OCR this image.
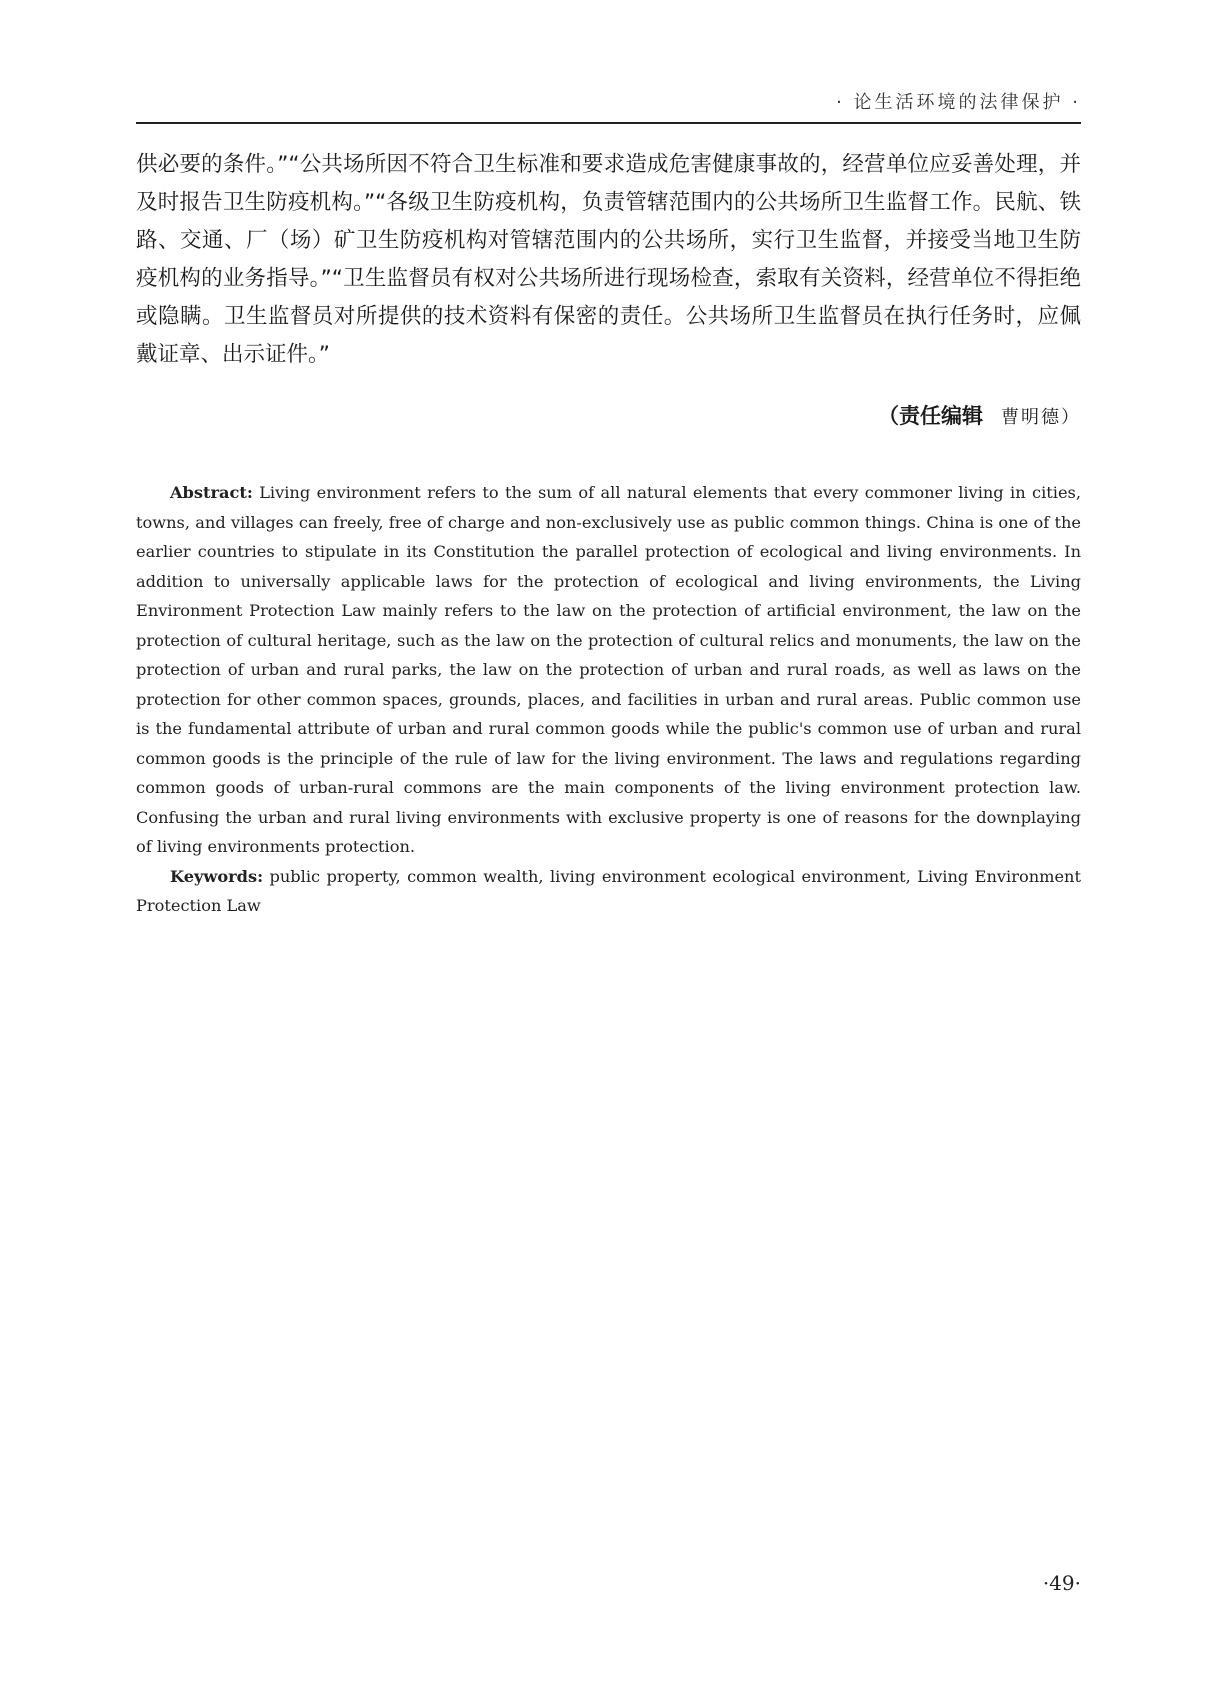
· 论生活环境的法律保护 ·
供必要的条件。”“公共场所因不符合卫生标准和要求造成危害健康事故的，经营单位应妥善处理，并及时报告卫生防疫机构。”“各级卫生防疫机构，负责管辖范围内的公共场所卫生监督工作。民航、铁路、交通、厂（场）矿卫生防疫机构对管辖范围内的公共场所，实行卫生监督，并接受当地卫生防疫机构的业务指导。”“卫生监督员有权对公共场所进行现场检查，索取有关资料，经营单位不得拒绝或隐瞒。卫生监督员对所提供的技术资料有保密的责任。公共场所卫生监督员在执行任务时，应佩戴证章、出示证件。”
（责任编辑 曹明德）

Abstract: Living environment refers to the sum of all natural elements that every commoner living in cities, towns, and villages can freely, free of charge and non-exclusively use as public common things. China is one of the earlier countries to stipulate in its Constitution the parallel protection of ecological and living environments. In addition to universally applicable laws for the protection of ecological and living environments, the Living Environment Protection Law mainly refers to the law on the protection of artificial environment, the law on the protection of cultural heritage, such as the law on the protection of cultural relics and monuments, the law on the protection of urban and rural parks, the law on the protection of urban and rural roads, as well as laws on the protection for other common spaces, grounds, places, and facilities in urban and rural areas. Public common use is the fundamental attribute of urban and rural common goods while the public's common use of urban and rural common goods is the principle of the rule of law for the living environment. The laws and regulations regarding common goods of urban-rural commons are the main components of the living environment protection law. Confusing the urban and rural living environments with exclusive property is one of reasons for the downplaying of living environments protection.

Keywords: public property, common wealth, living environment ecological environment, Living Environment Protection Law

·49·
